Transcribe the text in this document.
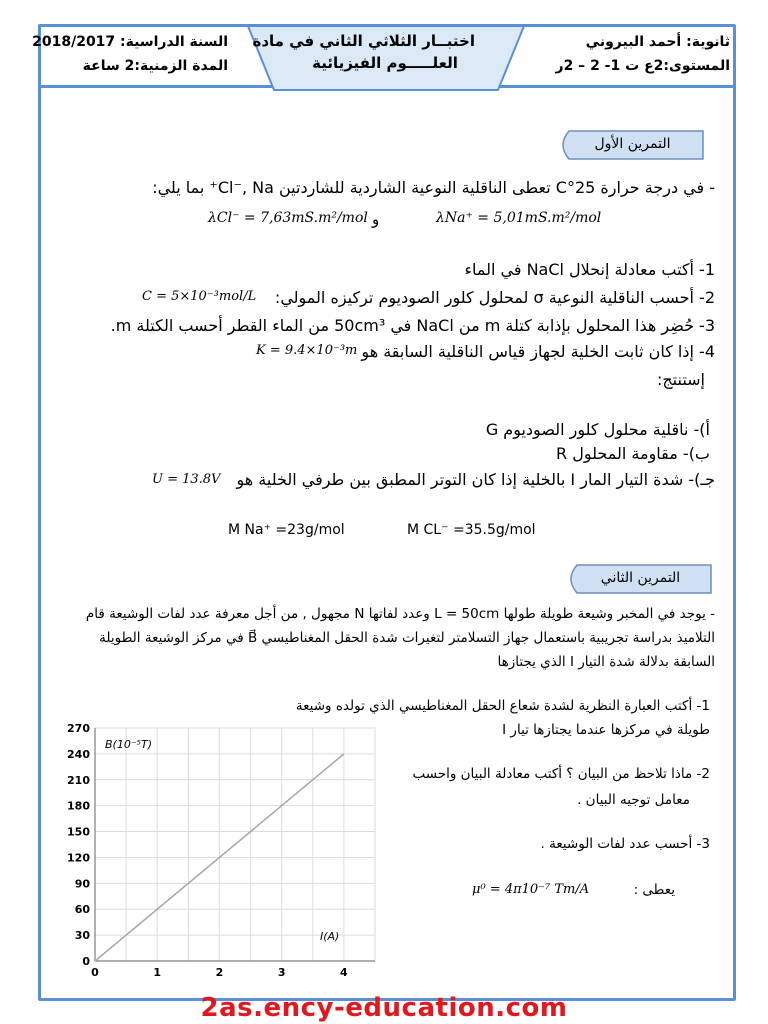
اختبــار الثلاثي الثاني في مادة
العلـــــوم الفيزيائية
ثانوية: أحمد البيروني
المستوى:2ع ت 1- 2 – 2ر
السنة الدراسية: 2018/2017
المدة الزمنية:2 ساعة
التمرين الأول
- في درجة حرارة 25°C تعطى الناقلية النوعية الشاردية للشاردتين Cl⁻, Na⁺ بما يلي:
λNa⁺ = 5,01mS.m²/mol
و
λCl⁻ = 7,63mS.m²/mol
1- أكتب معادلة إنحلال NaCl في الماء
2- أحسب الناقلية النوعية σ لمحلول كلور الصوديوم تركيزه المولي:
C = 5×10⁻³mol/L
3- حُضِر هذا المحلول بإذابة كتلة m من NaCl في 50cm³ من الماء القطر أحسب الكتلة m.
4- إذا كان ثابت الخلية لجهاز قياس الناقلية السابقة هو
K = 9.4×10⁻³m
إستنتج:
أ)- ناقلية محلول كلور الصوديوم G
ب)- مقاومة المحلول R
جـ)- شدة التيار المار I بالخلية إذا كان التوتر المطبق بين طرفي الخلية هو
U = 13.8V
M Na⁺ =23g/mol	M CL⁻ =35.5g/mol
التمرين الثاني
- يوجد في المخبر وشيعة طويلة طولها L = 50cm وعدد لفاتها N مجهول , من أجل معرفة عدد لفات الوشيعة قام
التلاميذ بدراسة تجريبية باستعمال جهاز التسلامتر لتغيرات شدة الحقل المغناطيسي B⃗ في مركز الوشيعة الطويلة
السابقة بدلالة شدة التيار I الذي يجتازها
1- أكتب العبارة النظرية لشدة شعاع الحقل المغناطيسي الذي تولده وشيعة
طويلة في مركزها عندما يجتازها تيار I
2- ماذا تلاحظ من البيان ؟ أكتب معادلة البيان واحسب
معامل توجيه البيان .
3- أحسب عدد لفات الوشيعة .
يعطى :
μ⁰ = 4π10⁻⁷ Tm/A
0
30
60
90
120
150
180
210
240
270
0	1	2	3	4
B(10⁻⁵T)
I(A)
2as.ency-education.com
